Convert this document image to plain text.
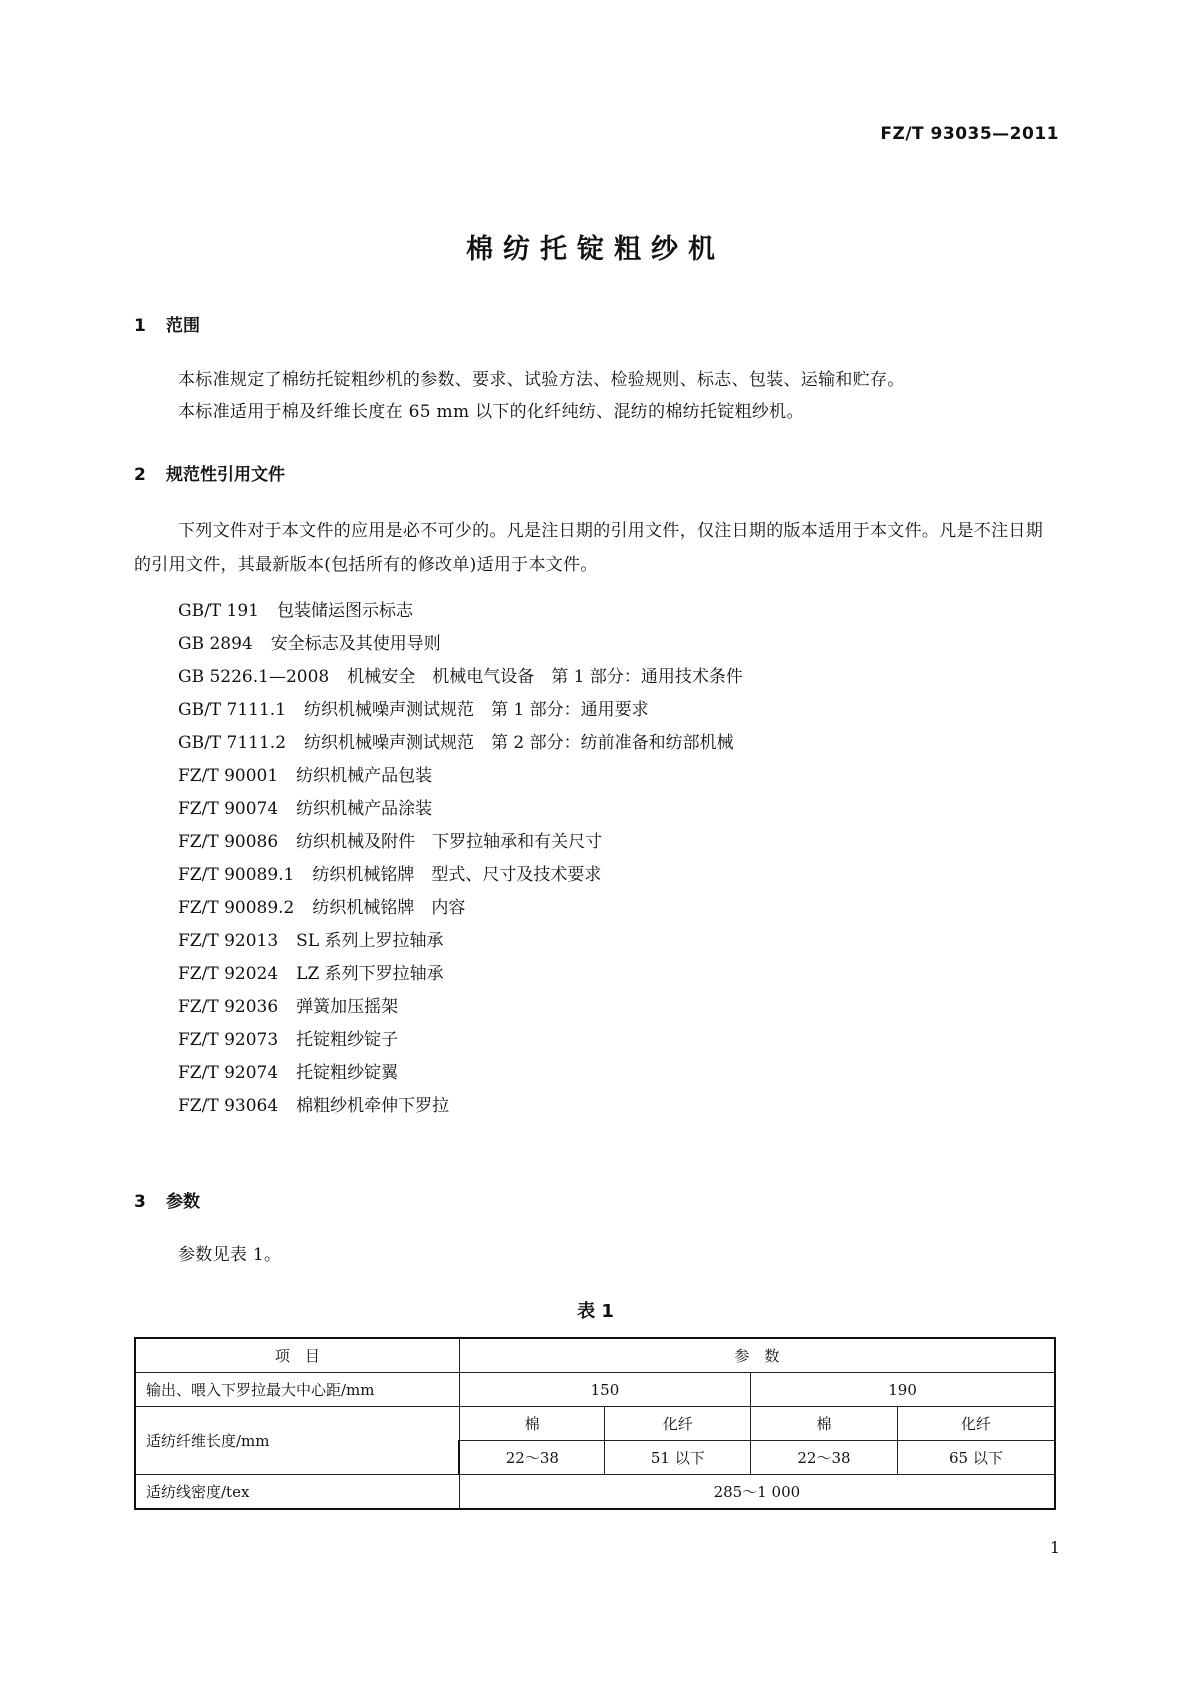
FZ/T 93035—2011
棉纺托锭粗纱机
1 范围
本标准规定了棉纺托锭粗纱机的参数、要求、试验方法、检验规则、标志、包装、运输和贮存。
本标准适用于棉及纤维长度在 65 mm 以下的化纤纯纺、混纺的棉纺托锭粗纱机。
2 规范性引用文件
下列文件对于本文件的应用是必不可少的。凡是注日期的引用文件，仅注日期的版本适用于本文件。凡是不注日期的引用文件，其最新版本(包括所有的修改单)适用于本文件。
GB/T 191 包装储运图示标志
GB 2894 安全标志及其使用导则
GB 5226.1—2008 机械安全　机械电气设备　第 1 部分：通用技术条件
GB/T 7111.1 纺织机械噪声测试规范　第 1 部分：通用要求
GB/T 7111.2 纺织机械噪声测试规范　第 2 部分：纺前准备和纺部机械
FZ/T 90001 纺织机械产品包装
FZ/T 90074 纺织机械产品涂装
FZ/T 90086 纺织机械及附件　下罗拉轴承和有关尺寸
FZ/T 90089.1 纺织机械铭牌　型式、尺寸及技术要求
FZ/T 90089.2 纺织机械铭牌　内容
FZ/T 92013 SL 系列上罗拉轴承
FZ/T 92024 LZ 系列下罗拉轴承
FZ/T 92036 弹簧加压摇架
FZ/T 92073 托锭粗纱锭子
FZ/T 92074 托锭粗纱锭翼
FZ/T 93064 棉粗纱机牵伸下罗拉
3 参数
参数见表 1。
表 1
项　目	参　数			
输出、喂入下罗拉最大中心距/mm	150		190	
适纺纤维长度/mm	棉	化纤	棉	化纤
	22～38	51 以下	22～38	65 以下
适纺线密度/tex	285～1 000			
1
